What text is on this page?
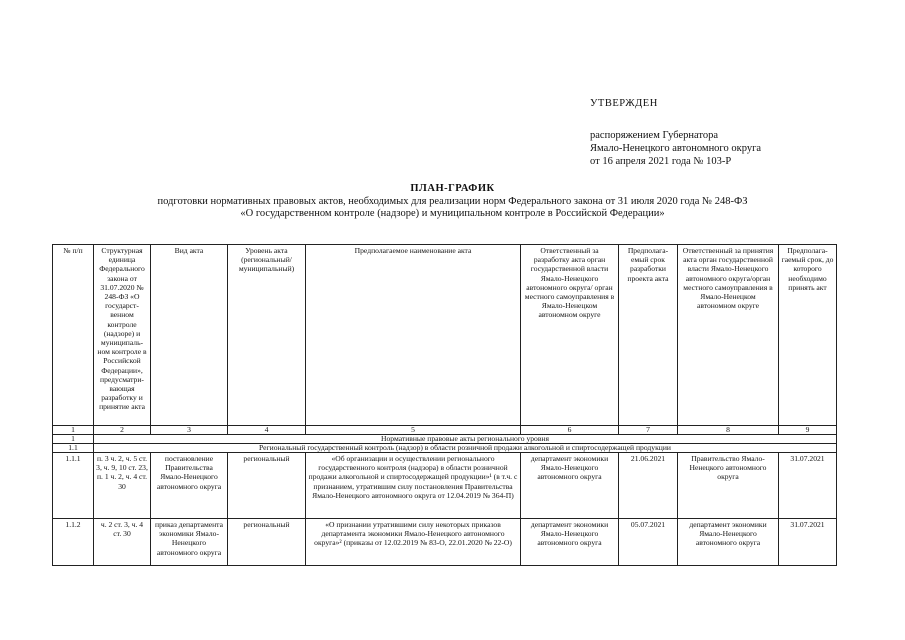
УТВЕРЖДЕН
распоряжением Губернатора
Ямало-Ненецкого автономного округа
от 16 апреля 2021 года № 103-Р
ПЛАН-ГРАФИК
подготовки нормативных правовых актов, необходимых для реализации норм Федерального закона от 31 июля 2020 года № 248-ФЗ
«О государственном контроле (надзоре) и муниципальном контроле в Российской Федерации»
№ п/п	Структурная единица Федерального закона от 31.07.2020 № 248-ФЗ «О государст-венном контроле (надзоре) и муниципаль-ном контроле в Российской Федерации», предусматри-вающая разработку и принятие акта	Вид акта	Уровень акта (региональный/ муниципальный)	Предполагаемое наименование акта	Ответственный за разработку акта орган государственной власти Ямало-Ненецкого автономного округа/ орган местного самоуправления в Ямало-Ненецком автономном округе	Предполага-емый срок разработки проекта акта	Ответственный за принятия акта орган государственной власти Ямало-Ненецкого автономного округа/орган местного самоуправления в Ямало-Ненецком автономном округе	Предполага-гаемый срок, до которого необходимо принять акт
1	2	3	4	5	6	7	8	9
1	Нормативные правовые акты регионального уровня							
1.1	Региональный государственный контроль (надзор) в области розничной продажи алкогольной и спиртосодержащей продукции							
1.1.1	п. 3 ч. 2, ч. 5 ст. 3, ч. 9, 10 ст. 23, п. 1 ч. 2, ч. 4 ст. 30	постановление Правительства Ямало-Ненецкого автономного округа	региональный	«Об организации и осуществлении регионального государственного контроля (надзора) в области розничной продажи алкогольной и спиртосодержащей продукции»¹ (в т.ч. с признанием, утратившим силу постановления Правительства Ямало-Ненецкого автономного округа от 12.04.2019 № 364-П)	департамент экономики Ямало-Ненецкого автономного округа	21.06.2021	Правительство Ямало-Ненецкого автономного округа	31.07.2021
1.1.2	ч. 2 ст. 3, ч. 4 ст. 30	приказ департамента экономики Ямало-Ненецкого автономного округа	региональный	«О признании утратившими силу некоторых приказов департамента экономики Ямало-Ненецкого автономного округа»² (приказы от 12.02.2019 № 83-О, 22.01.2020 № 22-О)	департамент экономики Ямало-Ненецкого автономного округа	05.07.2021	департамент экономики Ямало-Ненецкого автономного округа	31.07.2021
